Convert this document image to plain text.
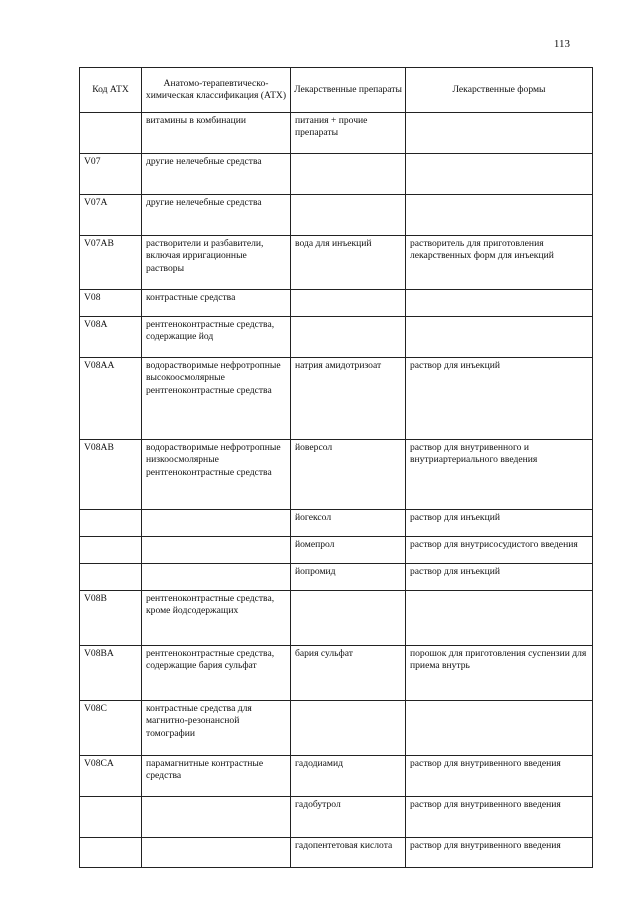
113
Код АТХ	Анатомо-терапевтическо-химическая классификация (АТХ)	Лекарственные препараты	Лекарственные формы
	витамины в комбинации	питания + прочие препараты	
V07	другие нелечебные средства		
V07A	другие нелечебные средства		
V07AB	растворители и разбавители, включая ирригационные растворы	вода для инъекций	растворитель для приготовления лекарственных форм для инъекций
V08	контрастные средства		
V08A	рентгеноконтрастные средства, содержащие йод		
V08AA	водорастворимые нефротропные высокоосмолярные рентгеноконтрастные средства	натрия амидотризоат	раствор для инъекций
V08AB	водорастворимые нефротропные низкоосмолярные рентгеноконтрастные средства	йоверсол	раствор для внутривенного и внутриартериального введения
		йогексол	раствор для инъекций
		йомепрол	раствор для внутрисосудистого введения
		йопромид	раствор для инъекций
V08B	рентгеноконтрастные средства, кроме йодсодержащих		
V08BA	рентгеноконтрастные средства, содержащие бария сульфат	бария сульфат	порошок для приготовления суспензии для приема внутрь
V08C	контрастные средства для магнитно-резонансной томографии		
V08CA	парамагнитные контрастные средства	гадодиамид	раствор для внутривенного введения
		гадобутрол	раствор для внутривенного введения
		гадопентетовая кислота	раствор для внутривенного введения
